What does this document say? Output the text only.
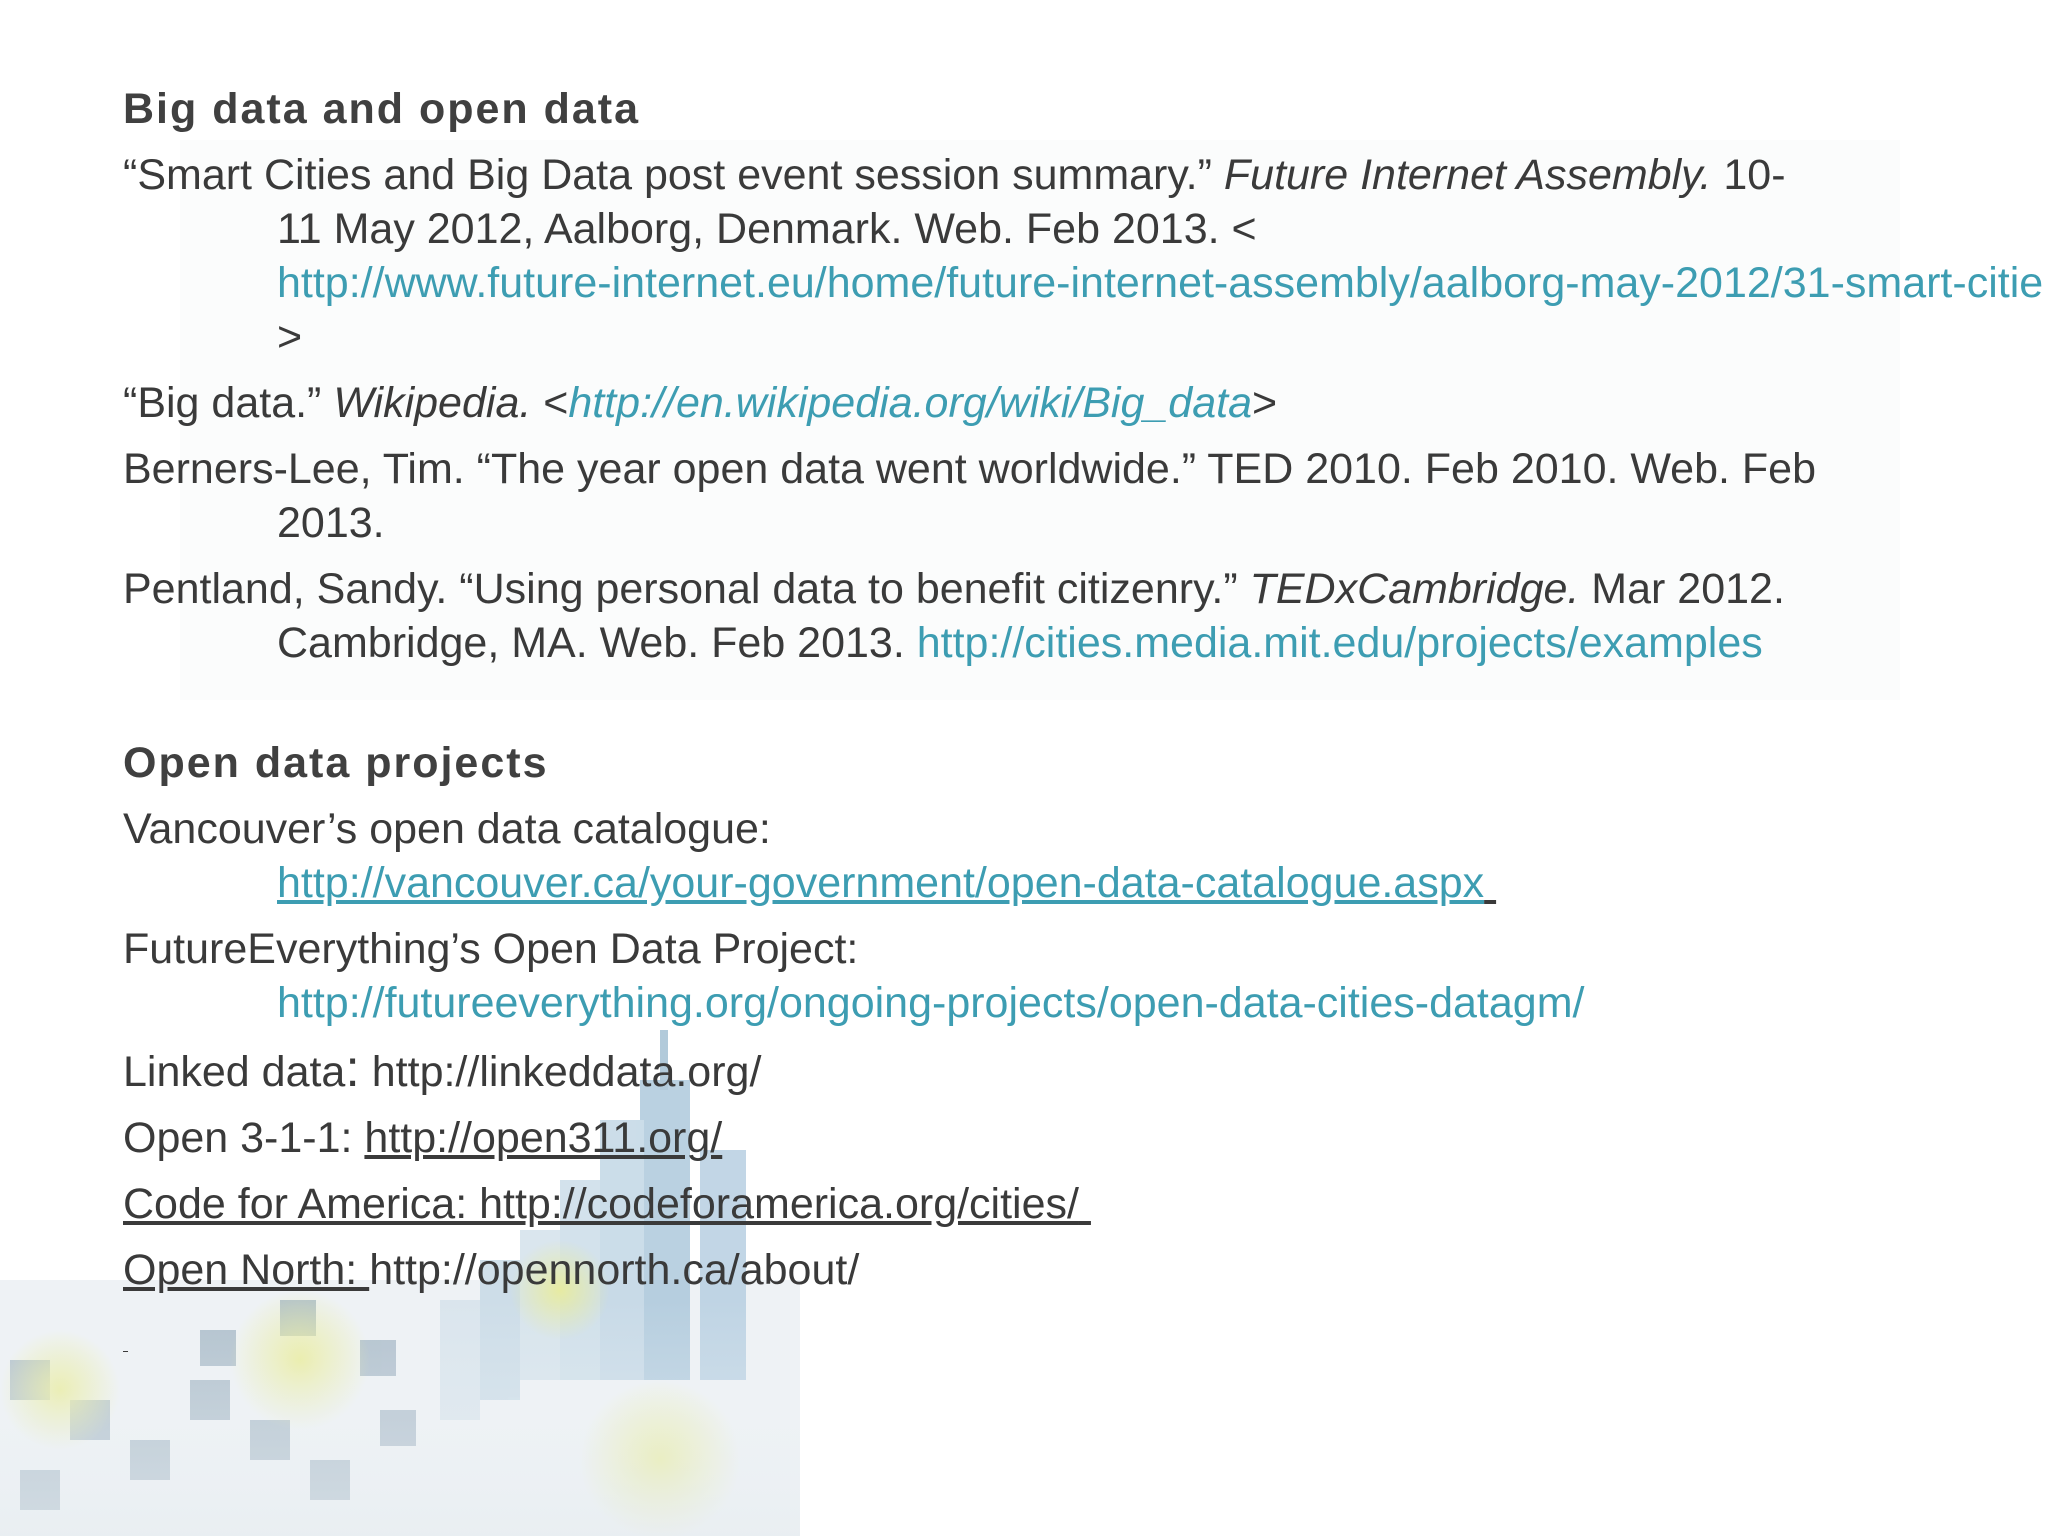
Big data and open data
“Smart Cities and Big Data post event session summary.” Future Internet Assembly. 10-
11 May 2012, Aalborg, Denmark. Web. Feb 2013. <
http://www.future-internet.eu/home/future-internet-assembly/aalborg-may-2012/31-smart-citie
>
“Big data.” Wikipedia. <http://en.wikipedia.org/wiki/Big_data>
Berners-Lee, Tim. “The year open data went worldwide.” TED 2010. Feb 2010. Web. Feb
2013.
Pentland, Sandy. “Using personal data to benefit citizenry.” TEDxCambridge. Mar 2012.
Cambridge, MA. Web. Feb 2013. http://cities.media.mit.edu/projects/examples
Open data projects
Vancouver’s open data catalogue:
http://vancouver.ca/your-government/open-data-catalogue.aspx
FutureEverything’s Open Data Project:
http://futureeverything.org/ongoing-projects/open-data-cities-datagm/
Linked data: http://linkeddata.org/
Open 3-1-1: http://open311.org/
Code for America: http://codeforamerica.org/cities/
Open North: http://opennorth.ca/about/
